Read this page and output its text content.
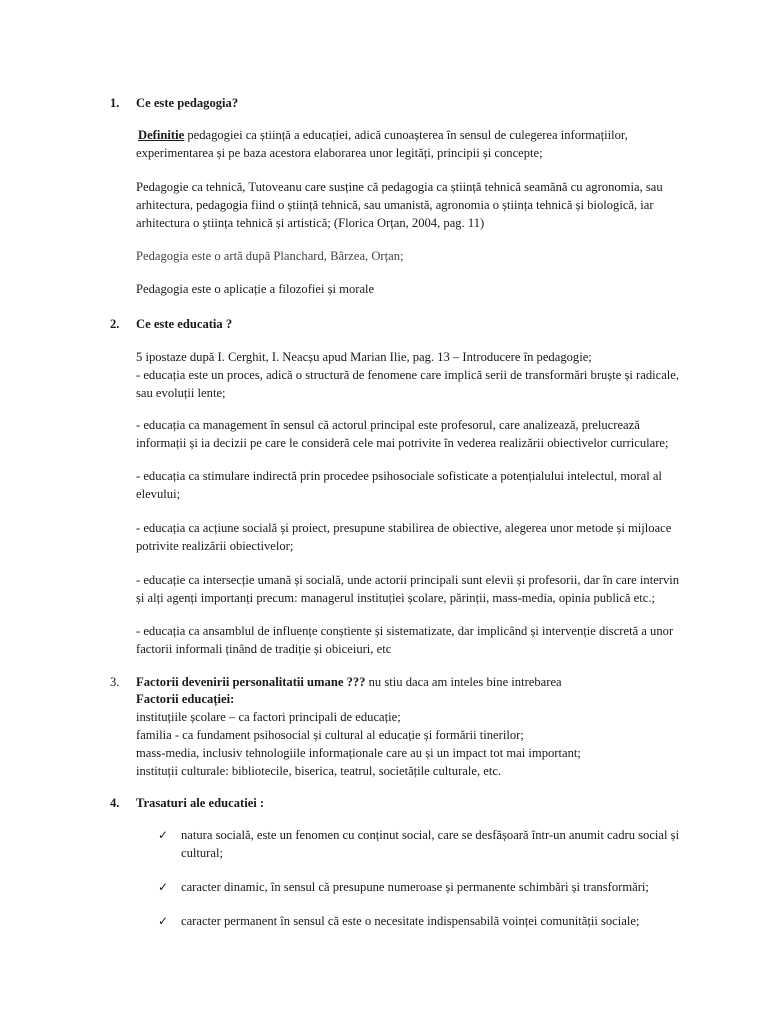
1. Ce este pedagogia?
Definitie pedagogiei ca știință a educației, adică cunoașterea în sensul de culegerea informațiilor,
experimentarea și pe baza acestora elaborarea unor legități, principii și concepte;
Pedagogie ca tehnică, Tutoveanu care susține că pedagogia ca știință tehnică seamănă cu agronomia, sau
arhitectura, pedagogia fiind o știință tehnică, sau umanistă, agronomia o știința tehnică și biologică, iar
arhitectura o știința tehnică și artistică; (Florica Orțan, 2004, pag. 11)
Pedagogia este o artă după Planchard, Bârzea, Orțan;
Pedagogia este o aplicație a filozofiei și morale
2. Ce este educatia ?
5 ipostaze după I. Cerghit, I. Neacșu apud Marian Ilie, pag. 13 – Introducere în pedagogie;
- educația este un proces, adică o structură de fenomene care implică serii de transformări bruște și radicale,
sau evoluții lente;
- educația ca management în sensul că actorul principal este profesorul, care analizează, prelucrează
informații și ia decizii pe care le consideră cele mai potrivite în vederea realizării obiectivelor curriculare;
- educația ca stimulare indirectă prin procedee psihosociale sofisticate a potențialului intelectul, moral al
elevului;
- educația ca acțiune socială și proiect, presupune stabilirea de obiective, alegerea unor metode și mijloace
potrivite realizării obiectivelor;
- educație ca intersecție umană și socială, unde actorii principali sunt elevii și profesorii, dar în care intervin
și alți agenți importanți precum: managerul instituției școlare, părinții, mass-media, opinia publică etc.;
- educația ca ansamblul de influențe conștiente și sistematizate, dar implicând și intervenție discretă a unor
factorii informali ținând de tradiție și obiceiuri, etc
3. Factorii devenirii personalitatii umane ??? nu stiu daca am inteles bine intrebarea
Factorii educației:
instituțiile școlare – ca factori principali de educație;
familia - ca fundament psihosocial și cultural al educație și formării tinerilor;
mass-media, inclusiv tehnologiile informaționale care au și un impact tot mai important;
instituții culturale: bibliotecile, biserica, teatrul, societățile culturale, etc.
4. Trasaturi ale educatiei :
✓ natura socială, este un fenomen cu conținut social, care se desfășoară într-un anumit cadru social și
cultural;
✓ caracter dinamic, în sensul că presupune numeroase și permanente schimbări și transformări;
✓ caracter permanent în sensul că este o necesitate indispensabilă voinței comunității sociale;
